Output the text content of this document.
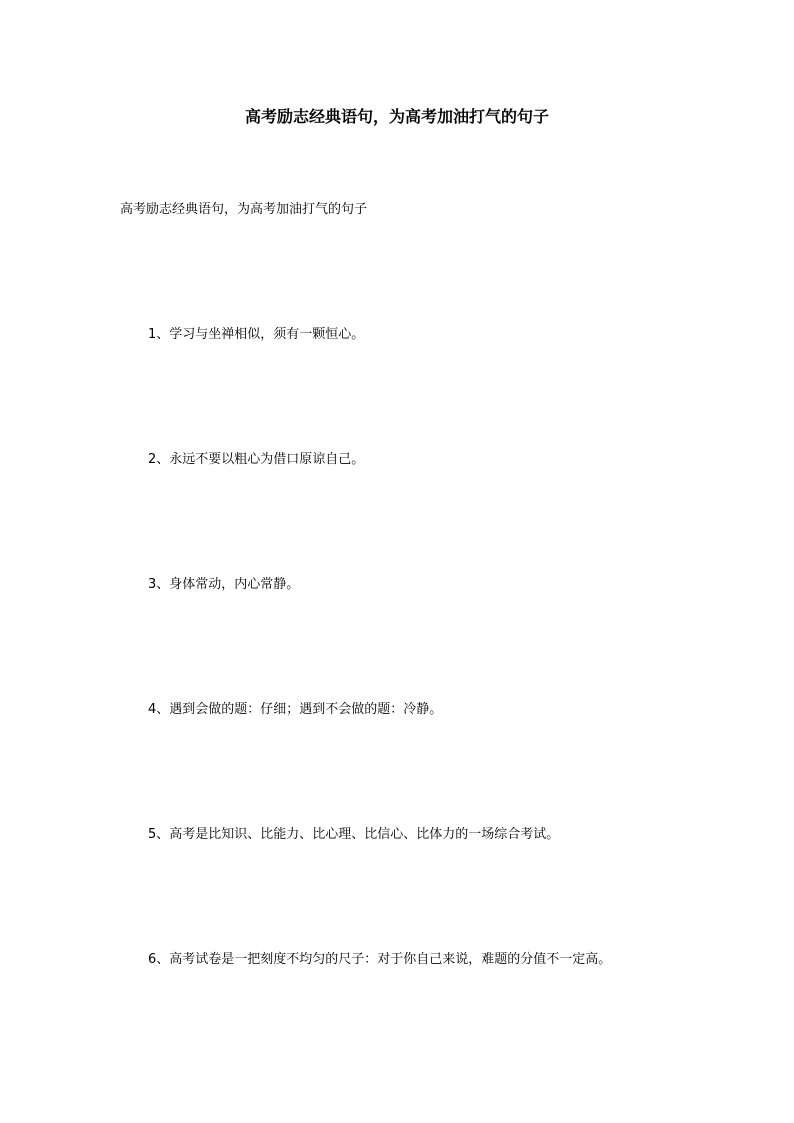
高考励志经典语句，为高考加油打气的句子

高考励志经典语句，为高考加油打气的句子

1、学习与坐禅相似，须有一颗恒心。

2、永远不要以粗心为借口原谅自己。

3、身体常动，内心常静。

4、遇到会做的题：仔细；遇到不会做的题：冷静。

5、高考是比知识、比能力、比心理、比信心、比体力的一场综合考试。

6、高考试卷是一把刻度不均匀的尺子：对于你自己来说，难题的分值不一定高。
